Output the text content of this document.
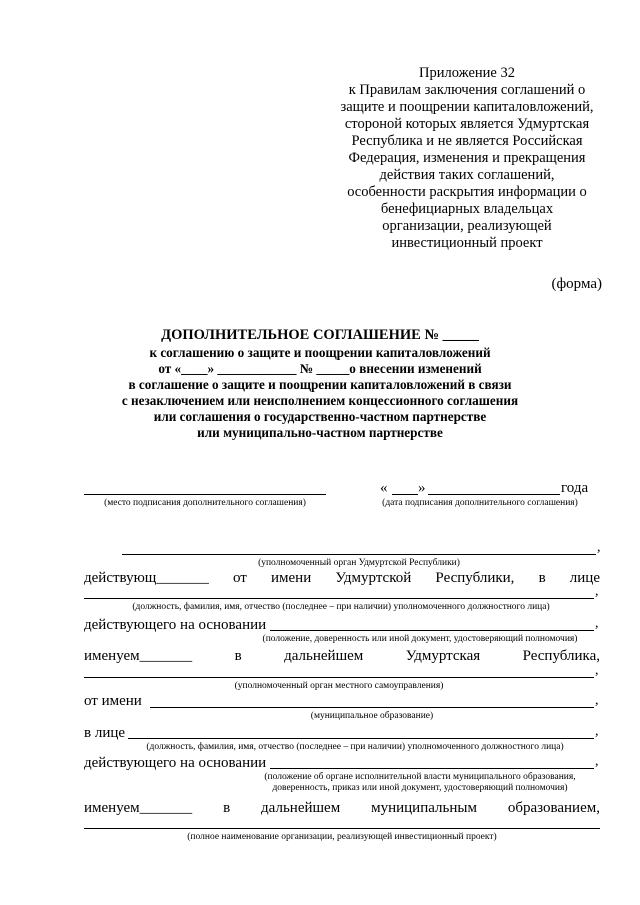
Приложение 32
к Правилам заключения соглашений о
защите и поощрении капиталовложений,
стороной которых является Удмуртская
Республика и не является Российская
Федерация, изменения и прекращения
действия таких соглашений,
особенности раскрытия информации о
бенефициарных владельцах
организации, реализующей
инвестиционный проект
(форма)
ДОПОЛНИТЕЛЬНОЕ СОГЛАШЕНИЕ № _____
к соглашению о защите и поощрении капиталовложений
от «____» ____________ № _____о внесении изменений
в соглашение о защите и поощрении капиталовложений в связи
с незаключением или неисполнением концессионного соглашения
или соглашения о государственно-частном партнерстве
или муниципально-частном партнерстве
« »	года
(место подписания дополнительного соглашения)	(дата подписания дополнительного соглашения)
,
(уполномоченный орган Удмуртской Республики)
действующ_______ от имени Удмуртской Республики, в лице
,
(должность, фамилия, имя, отчество (последнее – при наличии) уполномоченного должностного лица)
действующего на основании	,
(положение, доверенность или иной документ, удостоверяющий полномочия)
именуем_______	в	дальнейшем	Удмуртская	Республика,
,
(уполномоченный орган местного самоуправления)
от имени	,
(муниципальное образование)
в лице	,
(должность, фамилия, имя, отчество (последнее – при наличии) уполномоченного должностного лица)
действующего на основании	,
(положение об органе исполнительной власти муниципального образования,
доверенность, приказ или иной документ, удостоверяющий полномочия)
именуем_______ в дальнейшем муниципальным образованием,
(полное наименование организации, реализующей инвестиционный проект)
